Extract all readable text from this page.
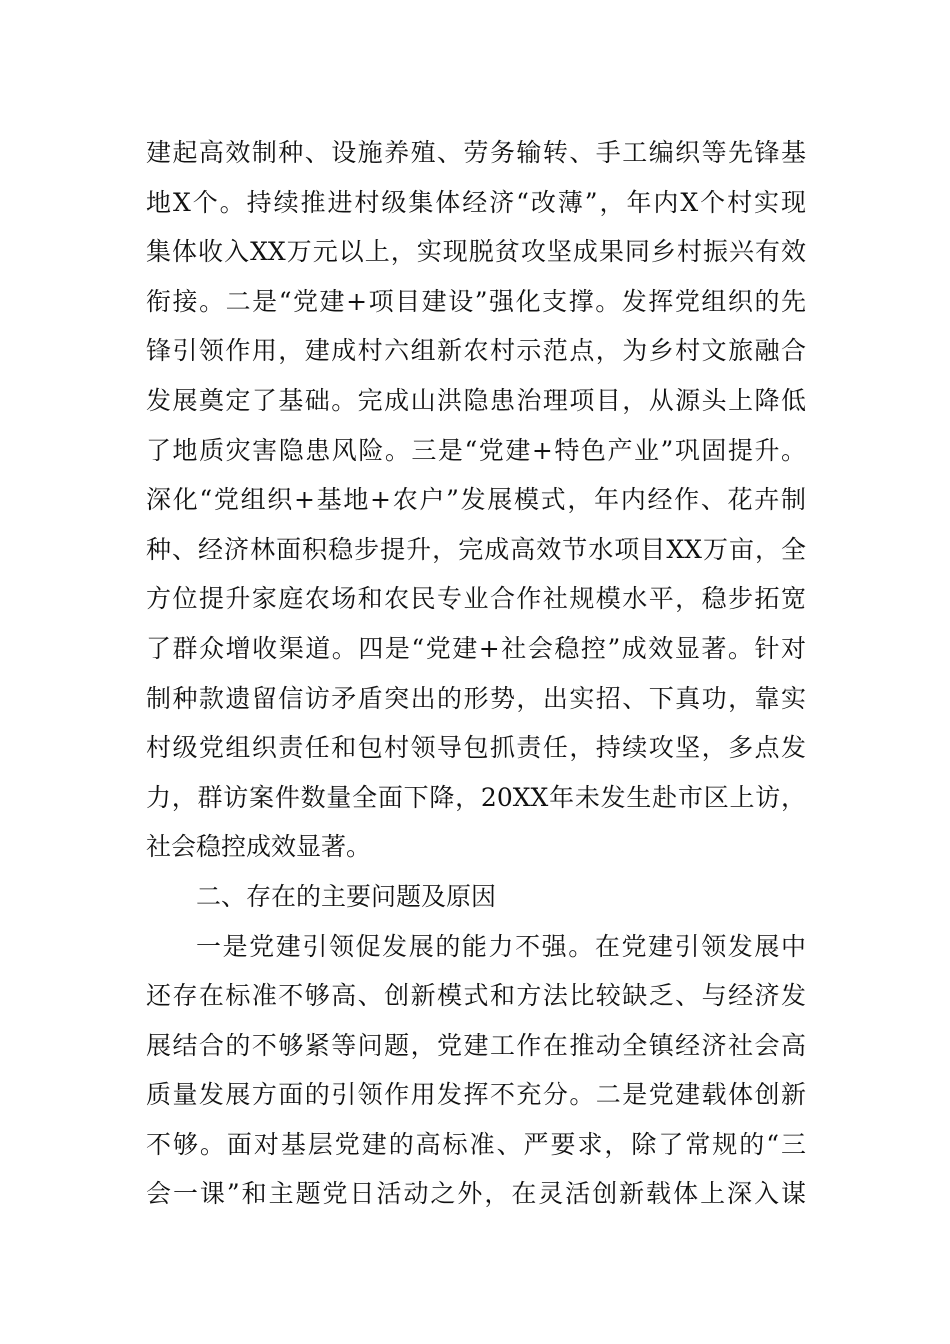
建起高效制种、设施养殖、劳务输转、手工编织等先锋基
地X个。持续推进村级集体经济“改薄”，年内X个村实现
集体收入XX万元以上，实现脱贫攻坚成果同乡村振兴有效
衔接。二是“党建+项目建设”强化支撑。发挥党组织的先
锋引领作用，建成村六组新农村示范点，为乡村文旅融合
发展奠定了基础。完成山洪隐患治理项目，从源头上降低
了地质灾害隐患风险。三是“党建+特色产业”巩固提升。
深化“党组织+基地+农户”发展模式，年内经作、花卉制
种、经济林面积稳步提升，完成高效节水项目XX万亩，全
方位提升家庭农场和农民专业合作社规模水平，稳步拓宽
了群众增收渠道。四是“党建+社会稳控”成效显著。针对
制种款遗留信访矛盾突出的形势，出实招、下真功，靠实
村级党组织责任和包村领导包抓责任，持续攻坚，多点发
力，群访案件数量全面下降，20XX年未发生赴市区上访，
社会稳控成效显著。
二、存在的主要问题及原因
一是党建引领促发展的能力不强。在党建引领发展中
还存在标准不够高、创新模式和方法比较缺乏、与经济发
展结合的不够紧等问题，党建工作在推动全镇经济社会高
质量发展方面的引领作用发挥不充分。二是党建载体创新
不够。面对基层党建的高标准、严要求，除了常规的“三
会一课”和主题党日活动之外，在灵活创新载体上深入谋
